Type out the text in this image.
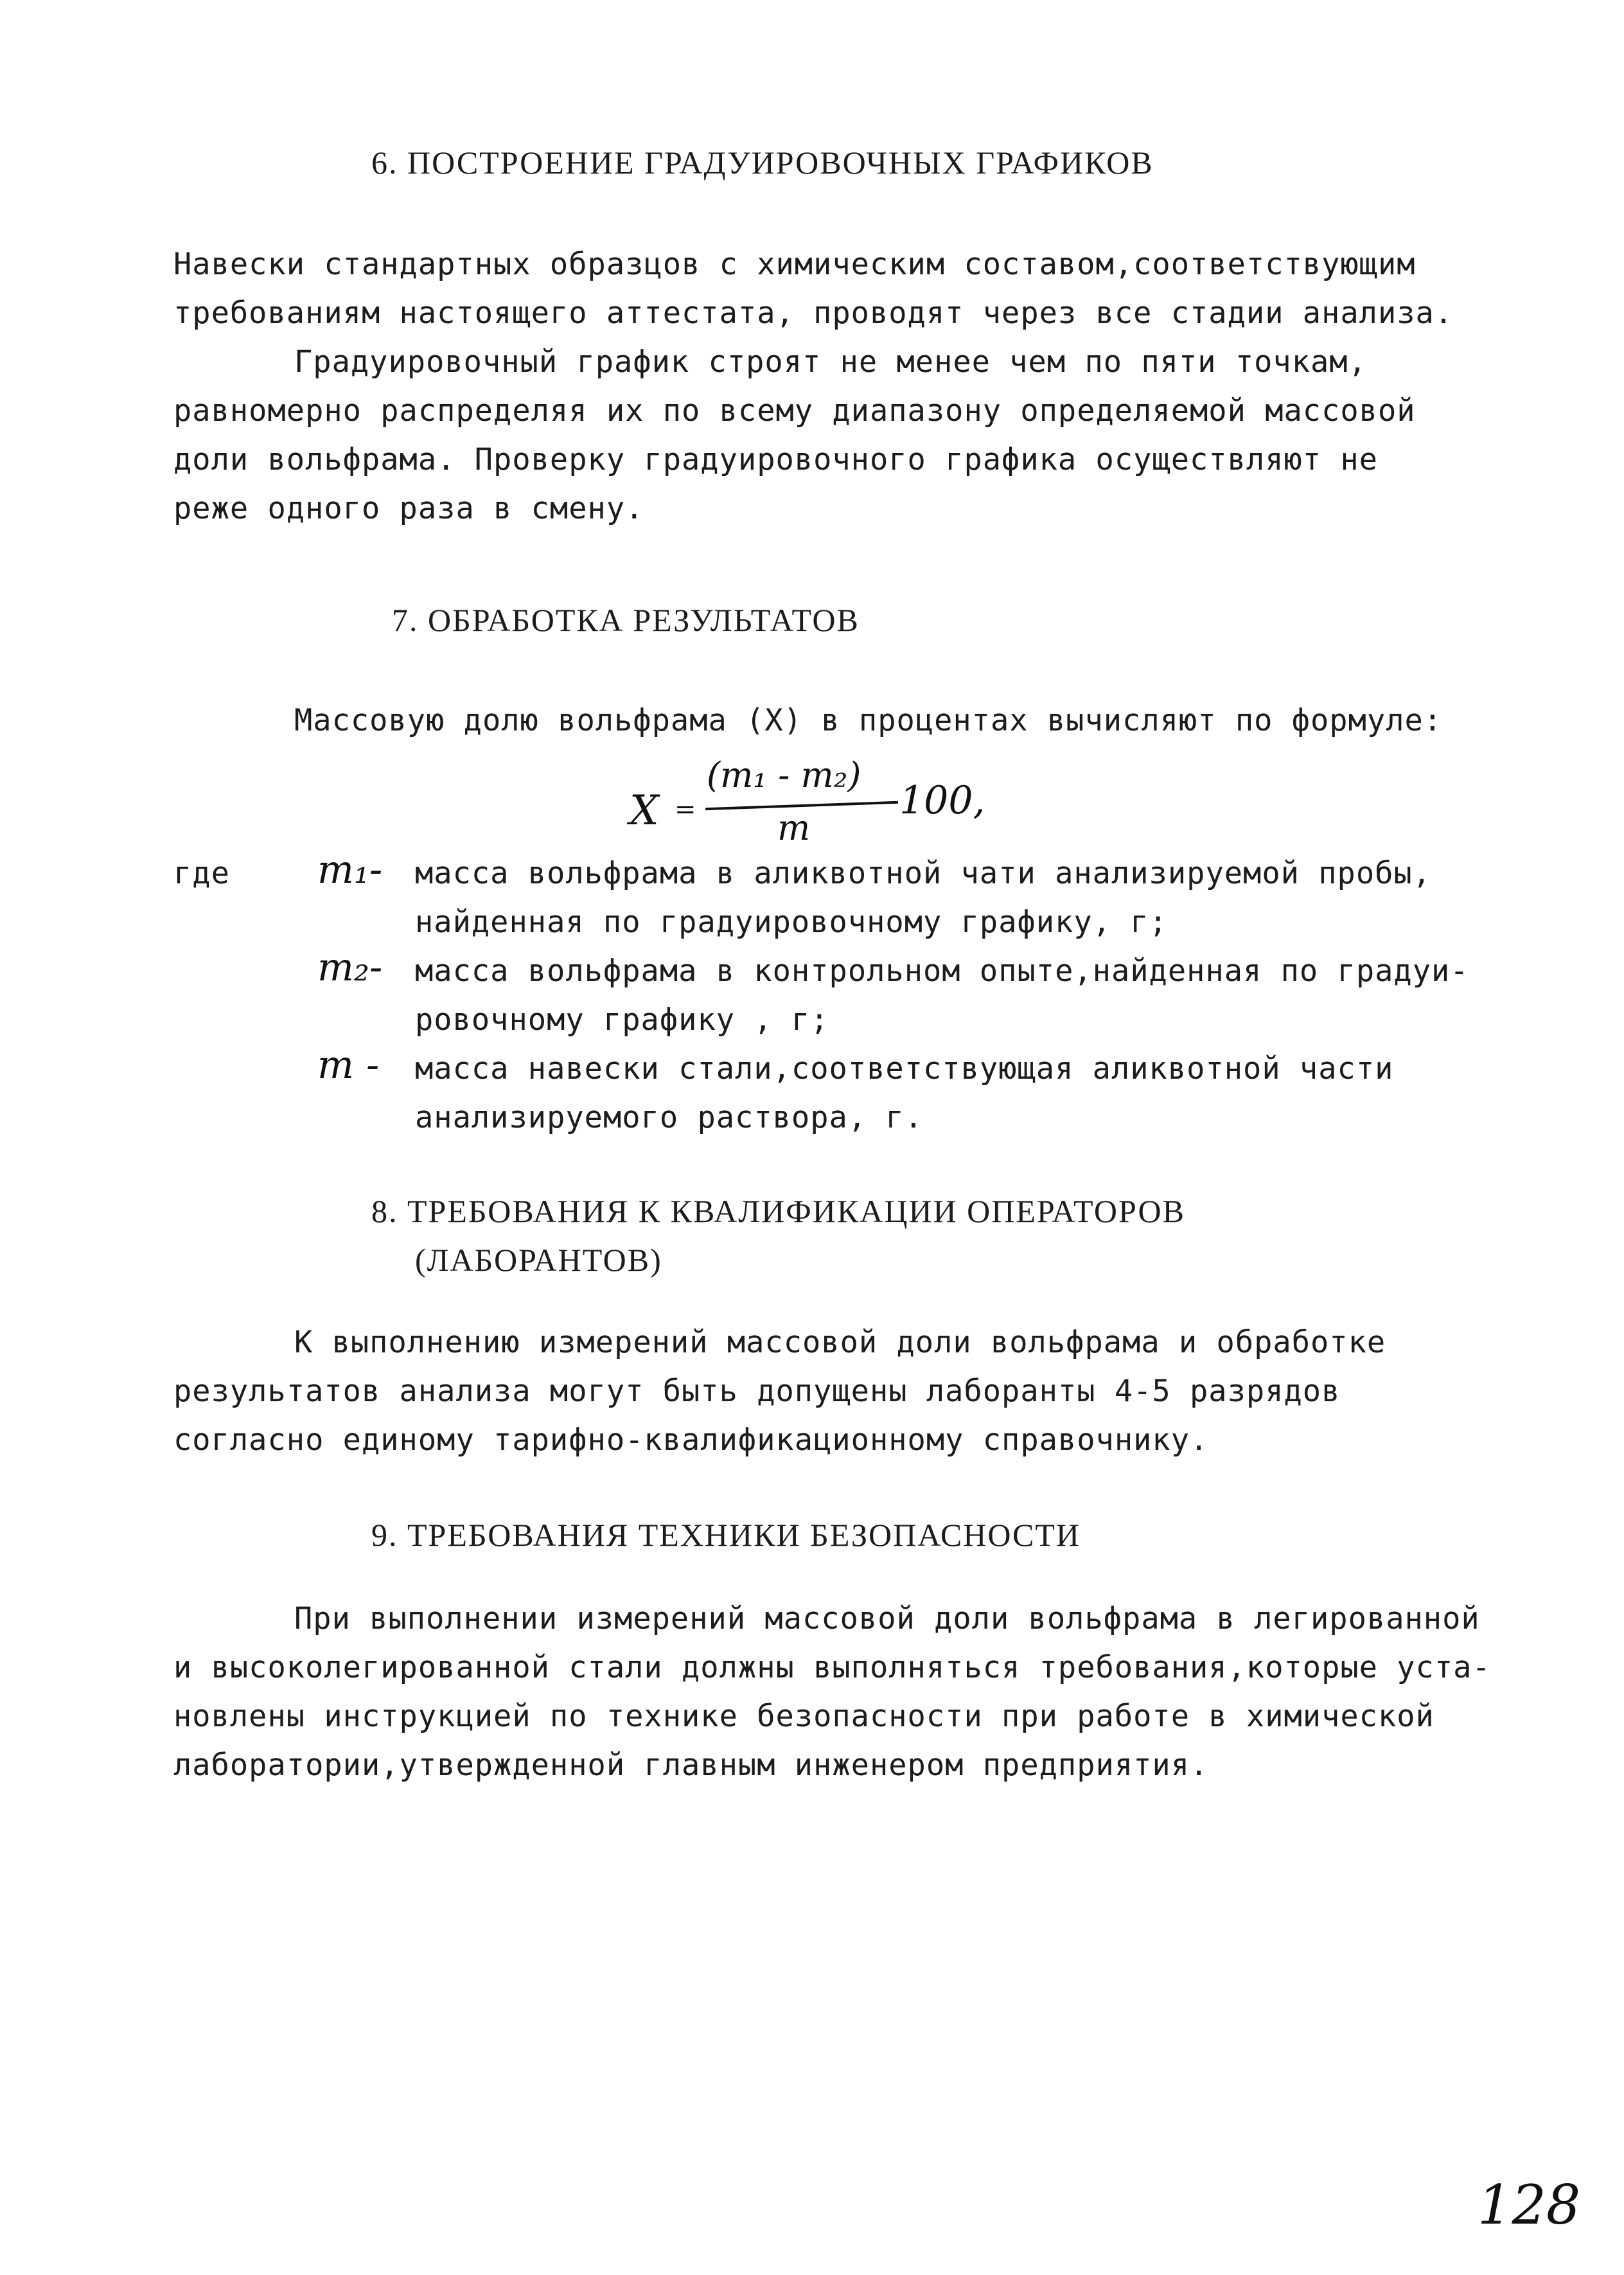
6. ПОСТРОЕНИЕ ГРАДУИРОВОЧНЫХ ГРАФИКОВ
Навески стандартных образцов с химическим составом,соответствующим
требованиям настоящего аттестата, проводят через все стадии анализа.
Градуировочный график строят не менее чем по пяти точкам,
равномерно распределяя их по всему диапазону определяемой массовой
доли вольфрама. Проверку градуировочного графика осуществляют не
реже одного раза в смену.
7. ОБРАБОТКА РЕЗУЛЬТАТОВ
Массовую долю вольфрама (Х) в процентах вычисляют по формуле:
X =
(m₁ - m₂)
m
100,
где m₁- масса вольфрама в аликвотной чати анализируемой пробы,
найденная по градуировочному графику, г;
m₂- масса вольфрама в контрольном опыте,найденная по градуи-
ровочному графику , г;
m - масса навески стали,соответствующая аликвотной части
анализируемого раствора, г.
8. ТРЕБОВАНИЯ К КВАЛИФИКАЦИИ ОПЕРАТОРОВ
(ЛАБОРАНТОВ)
К выполнению измерений массовой доли вольфрама и обработке
результатов анализа могут быть допущены лаборанты 4-5 разрядов
согласно единому тарифно-квалификационному справочнику.
9. ТРЕБОВАНИЯ ТЕХНИКИ БЕЗОПАСНОСТИ
При выполнении измерений массовой доли вольфрама в легированной
и высоколегированной стали должны выполняться требования,которые уста-
новлены инструкцией по технике безопасности при работе в химической
лаборатории,утвержденной главным инженером предприятия.
128
